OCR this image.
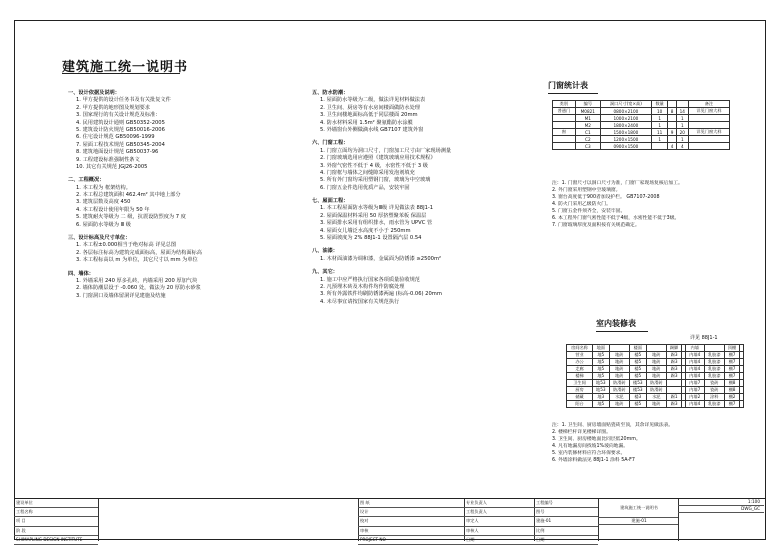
建筑施工统一说明书
一、设计依据及说明：
1. 甲方提供的设计任务书及有关批复文件
2. 甲方提供的地形图及规划要求
3. 国家现行的有关设计规范及标准：
4. 民用建筑设计通则 GB50352-2005
5. 建筑设计防火规范 GB50016-2006
6. 住宅设计规范 GB50096-1999
7. 屋面工程技术规范 GB50345-2004
8. 建筑地面设计规范 GB50037-96
9. 工程建设标准强制性条文
10. 其它有关规范 JGJ26-2005
二、工程概况：
1. 本工程为 框架结构。
2. 本工程总建筑面积 462.4m² 其中地上部分
3. 建筑层数及高度 450
4. 本工程设计使用年限为 50 年
5. 建筑耐火等级为 二 级，抗震设防烈度为 7 度
6. 屋面防水等级为 Ⅲ 级
三、设计标高及尺寸单位：
1. 本工程±0.000相当于绝对标高 详见总图
2. 各层标注标高为建筑完成面标高，屋面为结构面标高
3. 本工程标高以 m 为单位，其它尺寸以 mm 为单位
四、墙体：
1. 外墙采用 240 厚多孔砖，内墙采用 200 厚加气块
2. 墙体防潮层设于 -0.060 处，做法为 20 厚防水砂浆
3. 门窗洞口及墙体留洞详见建施及结施
五、防水防潮：
1. 屋面防水等级为二级，做法详见材料做法表
2. 卫生间、厨房等有水房间楼面做防水处理
3. 卫生间楼地面标高低于同层楼面 20mm
4. 防水材料采用 1.5m² 聚氨酯防水涂膜
5. 外墙窗台外侧做滴水线 GB7107 建筑外窗
六、门窗工程：
1. 门窗立面均为洞口尺寸，门窗加工尺寸由厂家现场测量
2. 门窗玻璃选用应遵照《建筑玻璃应用技术规程》
3. 外窗气密性不低于 4 级，水密性不低于 3 级
4. 门窗框与墙体之间缝隙采用发泡剂填充
5. 所有外门窗均采用塑钢门窗，玻璃为中空玻璃
6. 门窗五金件选用优质产品，安装牢固
七、屋面工程：
1. 本工程屋面防水等级为Ⅲ级 详见做法表 88J1-1
2. 屋面保温材料采用 50 厚挤塑聚苯板 保温层
3. 屋面排水采用有组织排水，雨水管为 UPVC 管
4. 屋面女儿墙泛水高度不小于 250mm
5. 屋面坡度为 2% 88J1-1 设置隔汽层 0.54
八、油漆：
1. 木材面油漆为调和漆，金属面为防锈漆 ≥2500m²
九、其它：
1. 施工中应严格执行国家各项质量验收规范
2. 凡预埋木砖及木构件均作防腐处理
3. 所有外露铁件均刷防锈漆两遍 (标高-0.06) 20mm
4. 未尽事宜请按国家有关规范执行
门窗统计表
类别	编号	洞口尺寸(宽×高)	数量			备注
普通门	M0821	0800×2100	10	8	14	详见门窗大样
	M1	1000×2100	1		1	
	M2	1800×2400	1		1	
窗	C1	1500×1800	11	9	20	详见门窗大样
	C2	1200×1500	1		1	
	C3	0900×1500		4	4	
注：1. 门窗尺寸以洞口尺寸为准，门窗厂家现场复核后加工。
2. 外门窗采用塑钢中空玻璃窗。
3. 窗台高度低于900者加设护栏。 GB7107-2008
4. 防火门采用乙级防火门。
5. 门窗五金件须齐全，安装牢固。
6. 本工程外门窗气密性能不低于4级，水密性能不低于3级。
7. 门窗玻璃厚度及面积按有关规范确定。
室内装修表
详见 88J1-1
房间名称	地面		楼面		踢脚		内墙		顶棚	
营业	地5	地砖	楼5	地砖	踢3		内墙4	乳胶漆	棚7	
办公	地5	地砖	楼5	地砖	踢3		内墙4	乳胶漆	棚7	
走廊	地5	地砖	楼5	地砖	踢3		内墙4	乳胶漆	棚7	
楼梯	地5	地砖	楼5	地砖	踢3		内墙4	乳胶漆	棚7	
卫生间	地53	防滑砖	楼53	防滑砖			内墙7	瓷砖	棚8	
厨房	地53	防滑砖	楼53	防滑砖			内墙7	瓷砖	棚8	
储藏	地3	水泥	楼3	水泥	踢1		内墙2	涂料	棚2	
阳台	地5	地砖	楼5	地砖	踢3		内墙4	乳胶漆	棚7	
注：1. 卫生间、厨房墙面贴瓷砖至顶，其余详见做法表。
2. 楼梯栏杆详见楼梯详图。
3. 卫生间、厨房楼地面比同层低20mm。
4. 凡有地漏房间找坡1%坡向地漏。
5. 室内装修材料应符合环保要求。
6. 外墙涂料做法见 88J1-1 涂料 5A-F7
建设单位
工程名称
项 目
阶 段
SHIMAPLING DESIGN INSTITUTE
图 纸
设计
校对
审核
PROJECT NO
专业负责人
工程负责人
审定人
审核人
日期
工程编号
图号
建施-01
比例
日期
建筑施工统一说明书
建施-01
1:100
DWG_GC
